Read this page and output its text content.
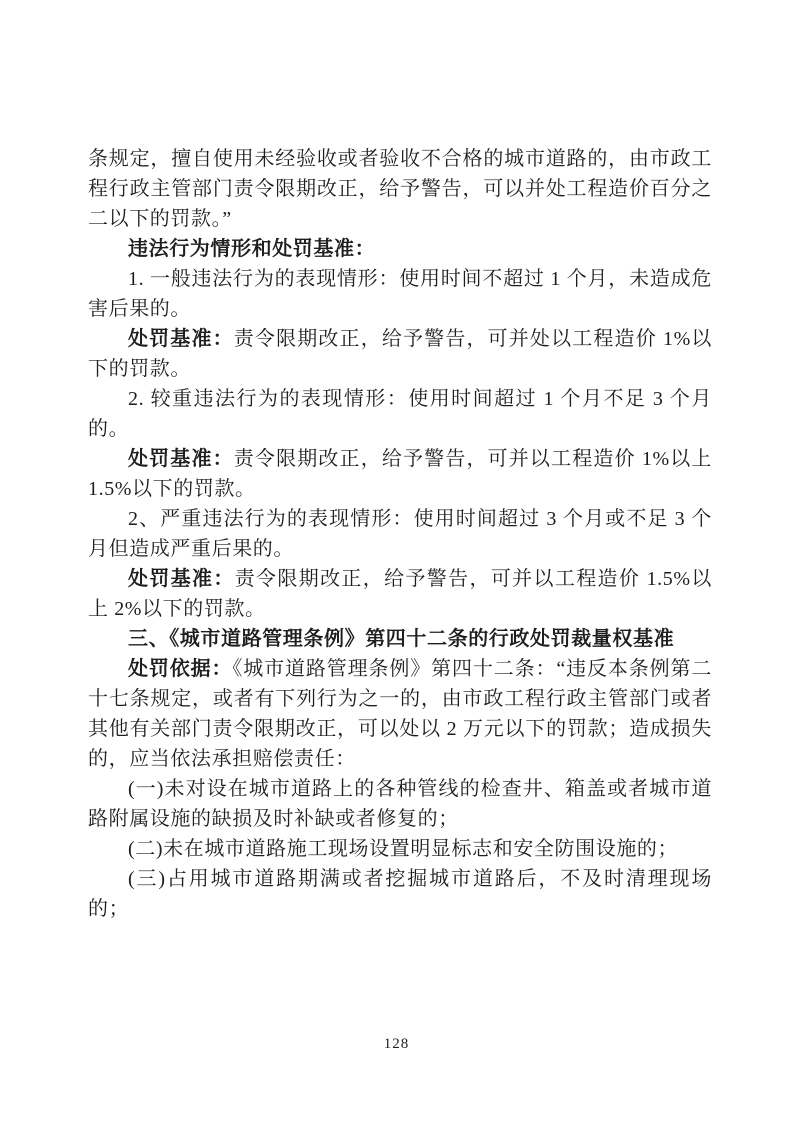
条规定，擅自使用未经验收或者验收不合格的城市道路的，由市政工程行政主管部门责令限期改正，给予警告，可以并处工程造价百分之二以下的罚款。”

违法行为情形和处罚基准：

1. 一般违法行为的表现情形：使用时间不超过 1 个月，未造成危害后果的。

处罚基准：责令限期改正，给予警告，可并处以工程造价 1%以下的罚款。

2. 较重违法行为的表现情形：使用时间超过 1 个月不足 3 个月的。

处罚基准：责令限期改正，给予警告，可并以工程造价 1%以上 1.5%以下的罚款。

2、严重违法行为的表现情形：使用时间超过 3 个月或不足 3 个月但造成严重后果的。

处罚基准：责令限期改正，给予警告，可并以工程造价 1.5%以上 2%以下的罚款。

三、《城市道路管理条例》第四十二条的行政处罚裁量权基准

处罚依据：《城市道路管理条例》第四十二条：“违反本条例第二十七条规定，或者有下列行为之一的，由市政工程行政主管部门或者其他有关部门责令限期改正，可以处以 2 万元以下的罚款；造成损失的，应当依法承担赔偿责任：

(一)未对设在城市道路上的各种管线的检查井、箱盖或者城市道路附属设施的缺损及时补缺或者修复的；

(二)未在城市道路施工现场设置明显标志和安全防围设施的；

(三)占用城市道路期满或者挖掘城市道路后，不及时清理现场的；

128
